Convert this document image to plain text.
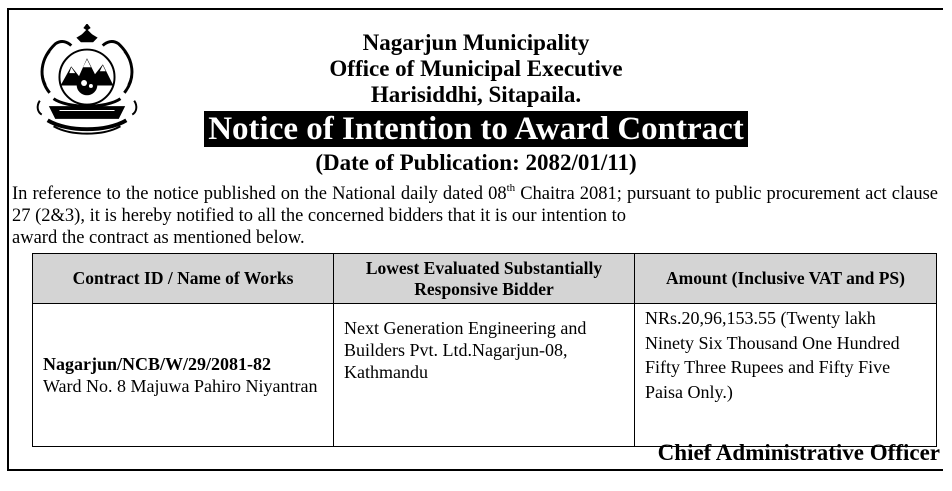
Nagarjun Municipality
Office of Municipal Executive
Harisiddhi, Sitapaila.
Notice of Intention to Award Contract
(Date of Publication: 2082/01/11)
In reference to the notice published on the National daily dated 08th Chaitra 2081; pursuant to public procurement act clause 27 (2&3), it is hereby notified to all the concerned bidders that it is our intention to
award the contract as mentioned below.
Contract ID / Name of Works	Lowest Evaluated Substantially Responsive Bidder	Amount (Inclusive VAT and PS)

Nagarjun/NCB/W/29/2081-82
Ward No. 8 Majuwa Pahiro Niyantran	Next Generation Engineering and Builders Pvt. Ltd.Nagarjun-08, Kathmandu	NRs.20,96,153.55 (Twenty lakh Ninety Six Thousand One Hundred Fifty Three Rupees and Fifty Five Paisa Only.)
Chief Administrative Officer
